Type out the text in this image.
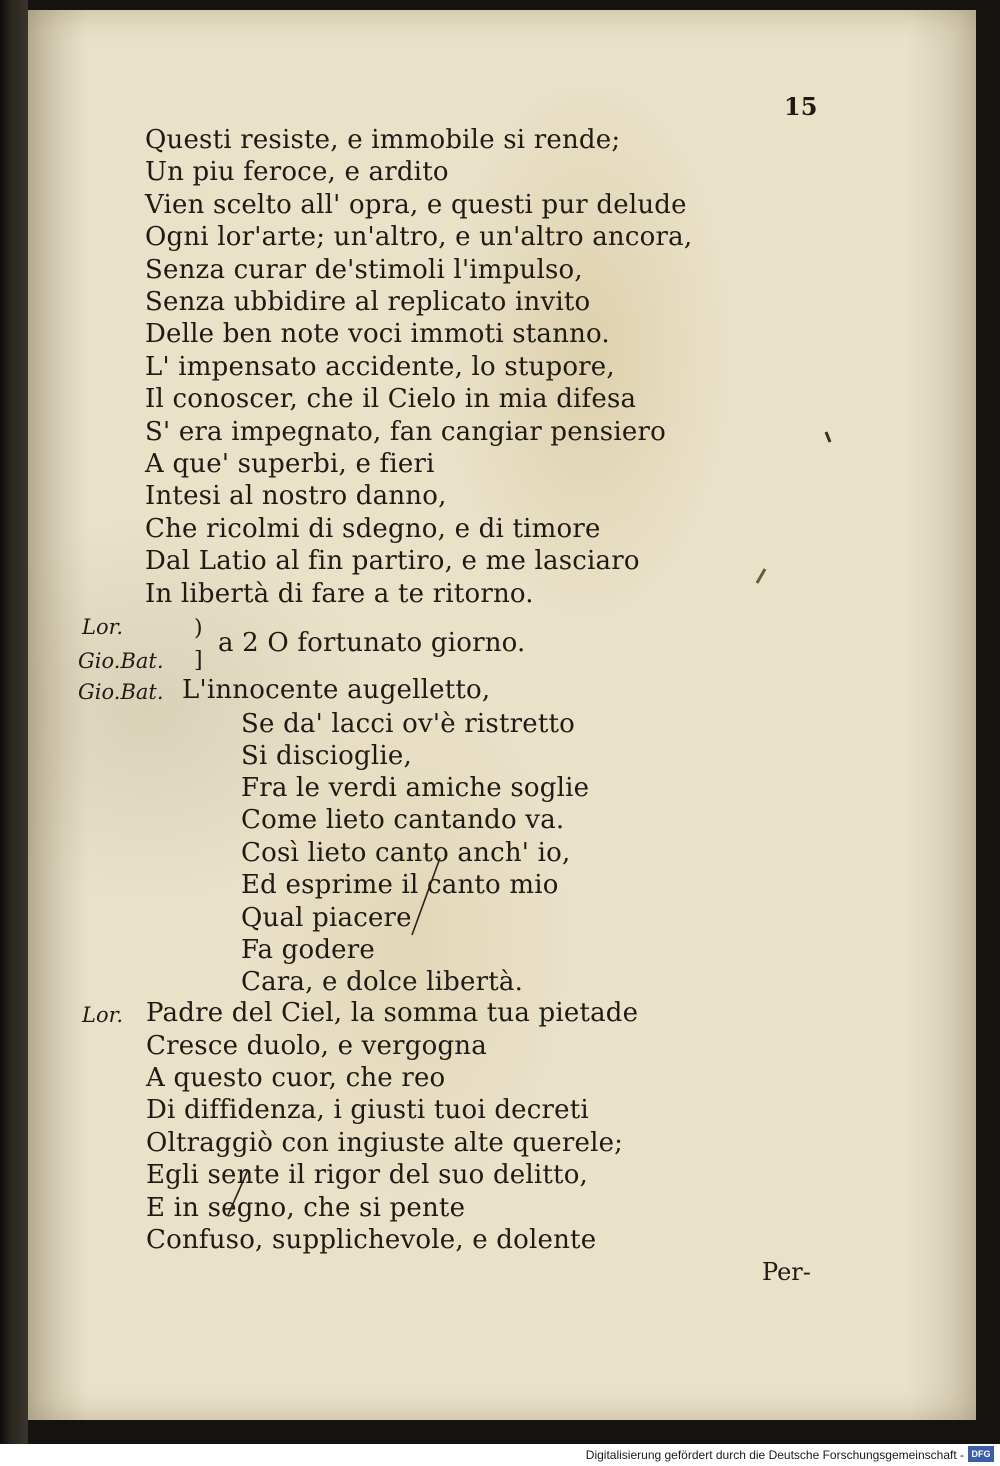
15
Questi resiste, e immobile si rende;
Un piu feroce, e ardito
Vien scelto all' opra, e questi pur delude
Ogni lor'arte; un'altro, e un'altro ancora,
Senza curar de'stimoli l'impulso,
Senza ubbidire al replicato invito
Delle ben note voci immoti stanno.
L' impensato accidente, lo stupore,
Il conoscer, che il Cielo in mia difesa
S' era impegnato, fan cangiar pensiero
A que' superbi, e fieri
Intesi al nostro danno,
Che ricolmi di sdegno, e di timore
Dal Latio al fin partiro, e me lasciaro
In libertà di fare a te ritorno.
Lor.
Gio.Bat.
)
]
a 2 O fortunato giorno.
Gio.Bat. L'innocente augelletto,
Se da' lacci ov'è ristretto
Si discioglie,
Fra le verdi amiche soglie
Come lieto cantando va.
Così lieto canto anch' io,
Ed esprime il canto mio
Qual piacere
Fa godere
Cara, e dolce libertà.
Lor. Padre del Ciel, la somma tua pietade
Cresce duolo, e vergogna
A questo cuor, che reo
Di diffidenza, i giusti tuoi decreti
Oltraggiò con ingiuste alte querele;
Egli sente il rigor del suo delitto,
E in segno, che si pente
Confuso, supplichevole, e dolente
Per-
Digitalisierung gefördert durch die Deutsche Forschungsgemeinschaft - DFG
